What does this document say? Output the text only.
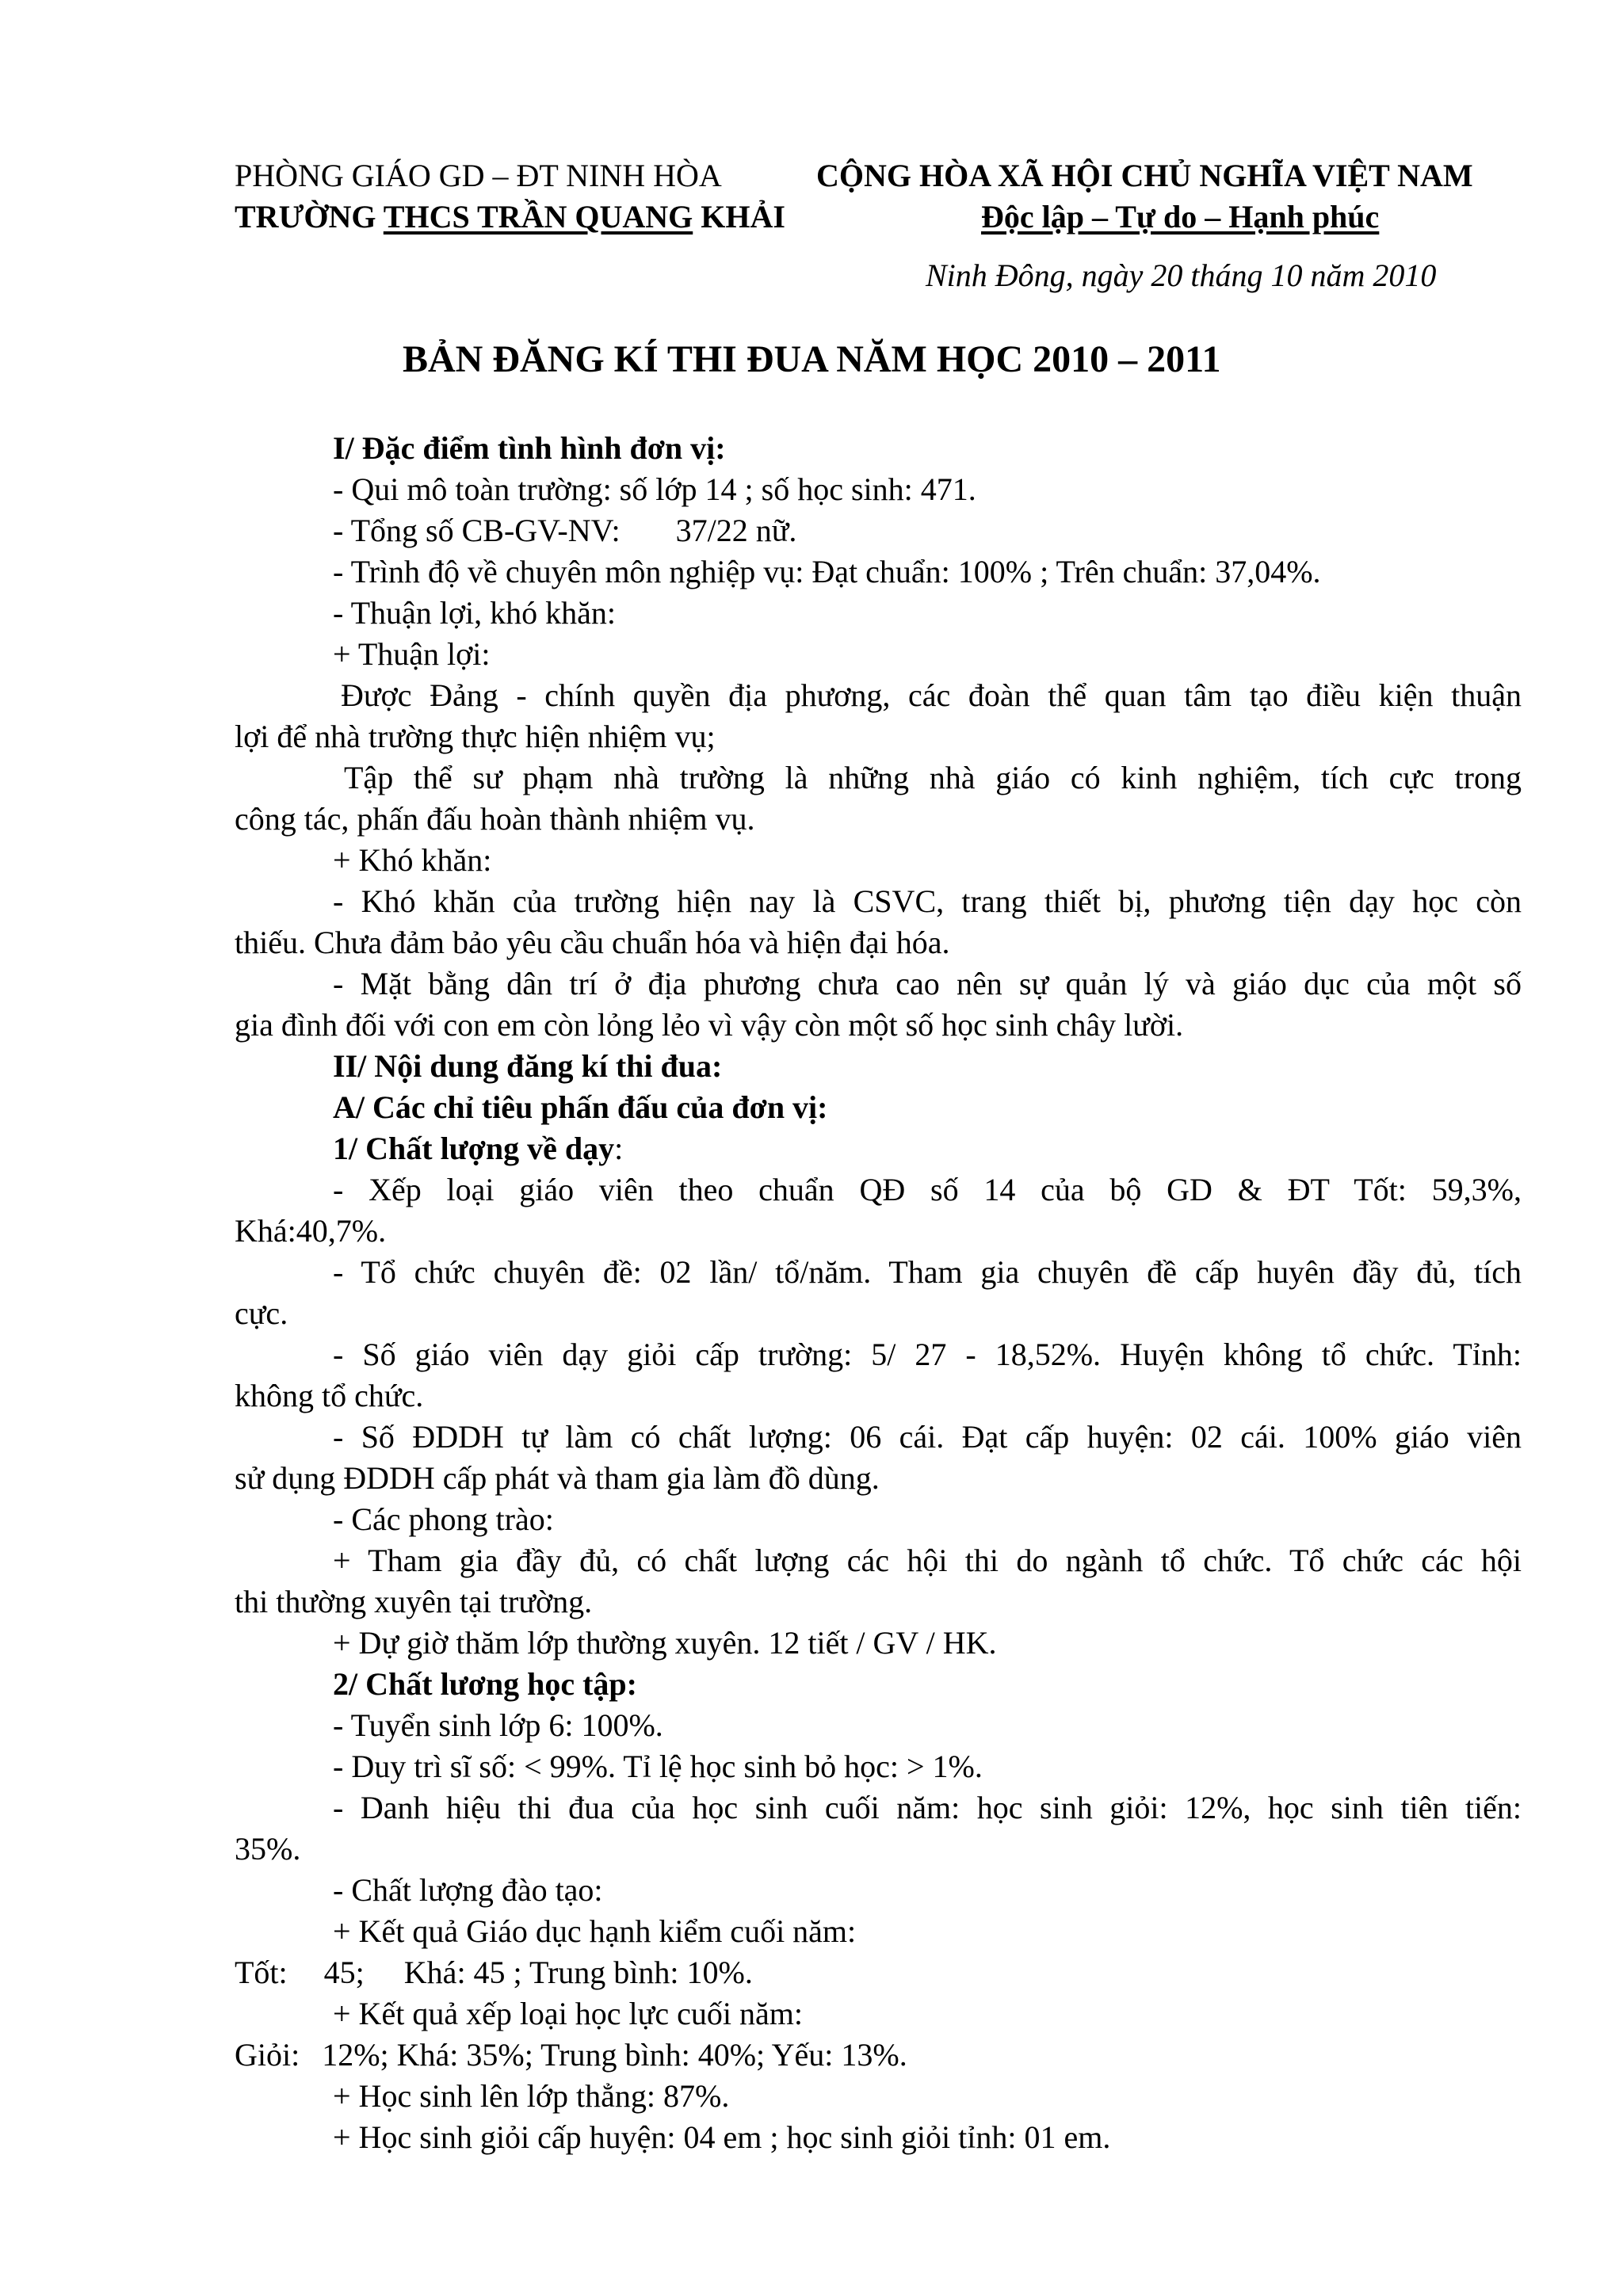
PHÒNG GIÁO GD – ĐT NINH HÒA
TRƯỜNG THCS TRẦN QUANG KHẢI
CỘNG HÒA XÃ HỘI CHỦ NGHĨA VIỆT NAM
Độc lập – Tự do – Hạnh phúc
Ninh Đông, ngày 20 tháng 10 năm 2010
BẢN ĐĂNG KÍ THI ĐUA NĂM HỌC 2010 – 2011
I/ Đặc điểm tình hình đơn vị:
- Qui mô toàn trường: số lớp 14 ; số học sinh: 471.
- Tổng số CB-GV-NV: 37/22 nữ.
- Trình độ về chuyên môn nghiệp vụ: Đạt chuẩn: 100% ; Trên chuẩn: 37,04%.
- Thuận lợi, khó khăn:
+ Thuận lợi:
Được Đảng - chính quyền địa phương, các đoàn thể quan tâm tạo điều kiện thuận
lợi để nhà trường thực hiện nhiệm vụ;
Tập thể sư phạm nhà trường là những nhà giáo có kinh nghiệm, tích cực trong
công tác, phấn đấu hoàn thành nhiệm vụ.
+ Khó khăn:
- Khó khăn của trường hiện nay là CSVC, trang thiết bị, phương tiện dạy học còn
thiếu. Chưa đảm bảo yêu cầu chuẩn hóa và hiện đại hóa.
- Mặt bằng dân trí ở địa phương chưa cao nên sự quản lý và giáo dục của một số
gia đình đối với con em còn lỏng lẻo vì vậy còn một số học sinh chây lười.
II/ Nội dung đăng kí thi đua:
A/ Các chỉ tiêu phấn đấu của đơn vị:
1/ Chất lượng về dạy:
- Xếp loại giáo viên theo chuẩn QĐ số 14 của bộ GD & ĐT Tốt: 59,3%,
Khá:40,7%.
- Tổ chức chuyên đề: 02 lần/ tổ/năm. Tham gia chuyên đề cấp huyên đầy đủ, tích
cực.
- Số giáo viên dạy giỏi cấp trường: 5/ 27 - 18,52%. Huyện không tổ chức. Tỉnh:
không tổ chức.
- Số ĐDDH tự làm có chất lượng: 06 cái. Đạt cấp huyện: 02 cái. 100% giáo viên
sử dụng ĐDDH cấp phát và tham gia làm đồ dùng.
- Các phong trào:
+ Tham gia đầy đủ, có chất lượng các hội thi do ngành tổ chức. Tổ chức các hội
thi thường xuyên tại trường.
+ Dự giờ thăm lớp thường xuyên. 12 tiết / GV / HK.
2/ Chất lương học tập:
- Tuyển sinh lớp 6: 100%.
- Duy trì sĩ số: < 99%. Tỉ lệ học sinh bỏ học: > 1%.
- Danh hiệu thi đua của học sinh cuối năm: học sinh giỏi: 12%, học sinh tiên tiến:
35%.
- Chất lượng đào tạo:
+ Kết quả Giáo dục hạnh kiểm cuối năm:
Tốt: 45; Khá: 45 ; Trung bình: 10%.
+ Kết quả xếp loại học lực cuối năm:
Giỏi: 12%; Khá: 35%; Trung bình: 40%; Yếu: 13%.
+ Học sinh lên lớp thẳng: 87%.
+ Học sinh giỏi cấp huyện: 04 em ; học sinh giỏi tỉnh: 01 em.
